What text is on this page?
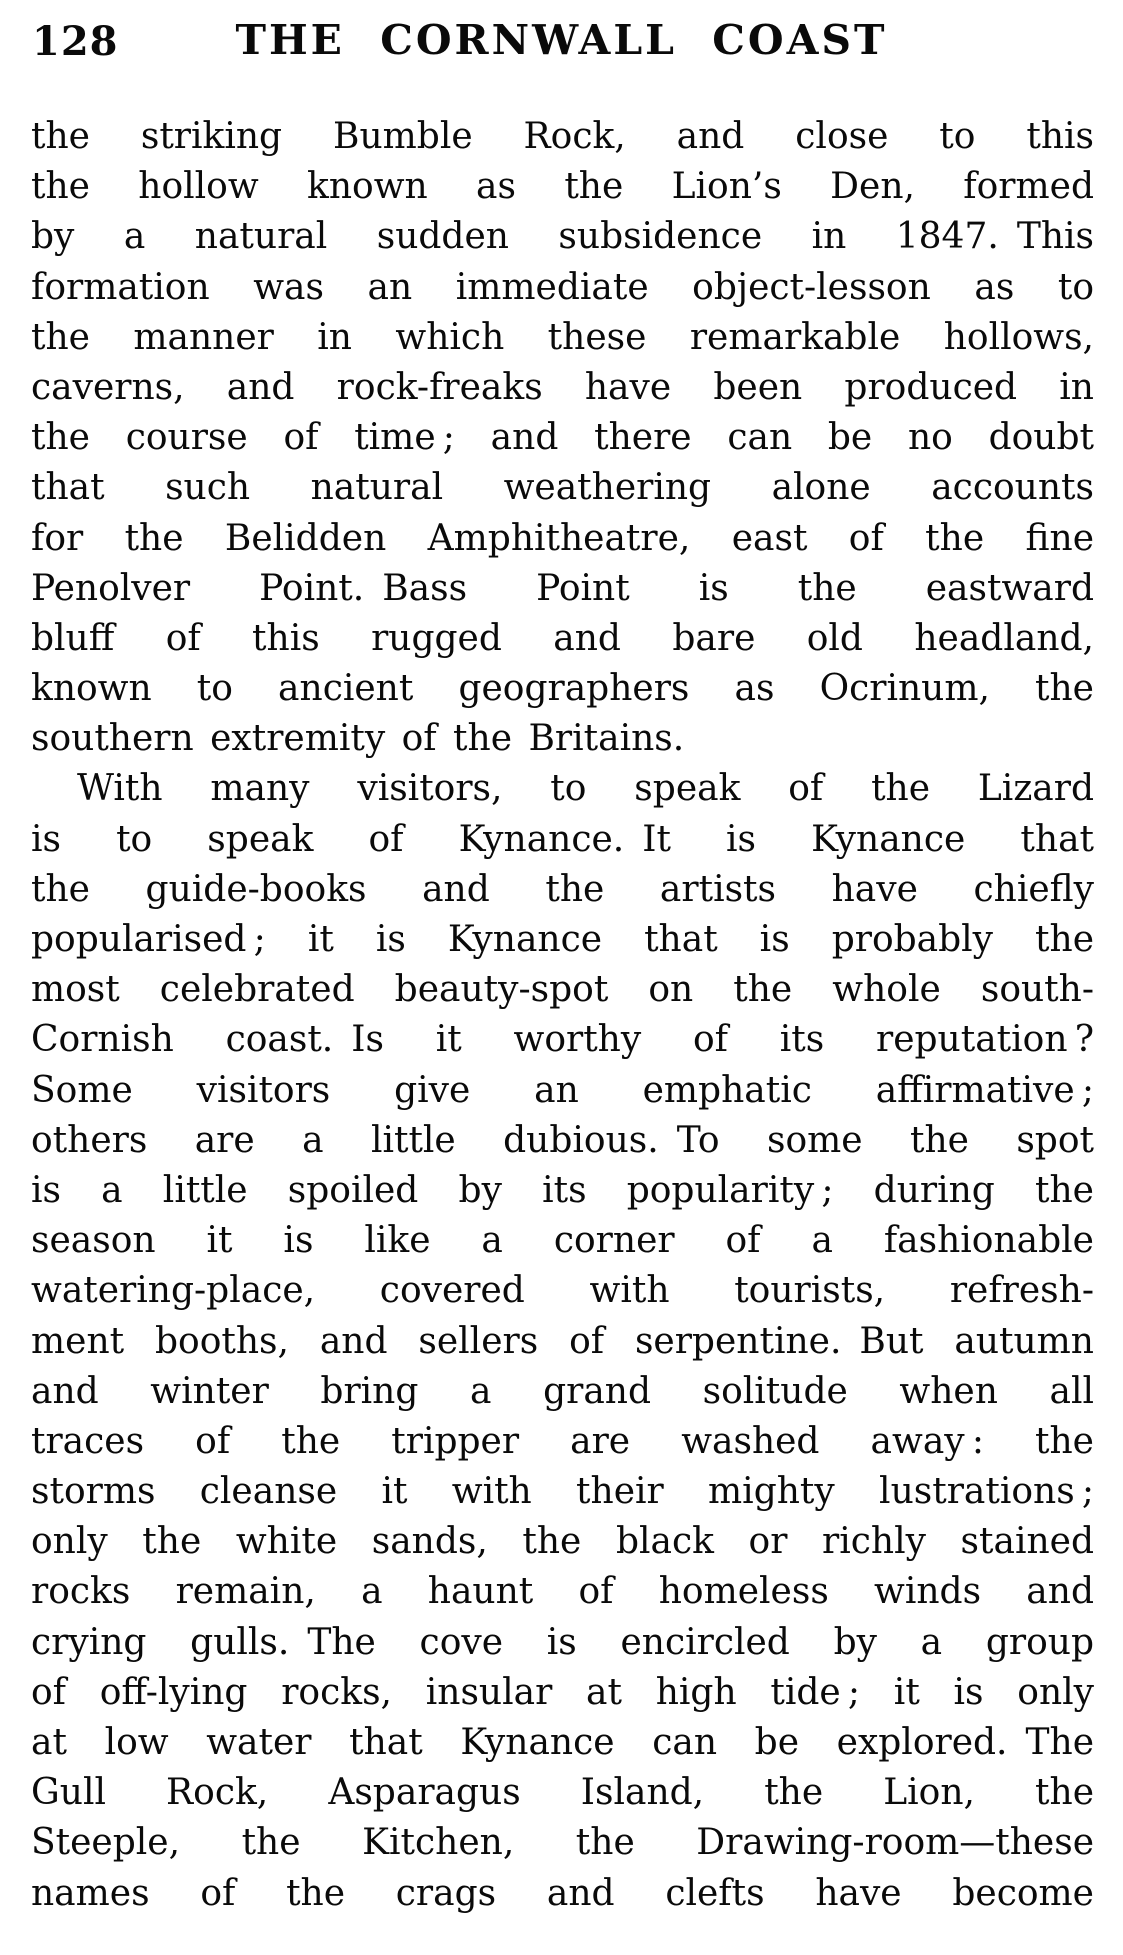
128	THE CORNWALL COAST
the striking Bumble Rock, and close to this
the hollow known as the Lion’s Den, formed
by a natural sudden subsidence in 1847. This
formation was an immediate object-lesson as to
the manner in which these remarkable hollows,
caverns, and rock-freaks have been produced in
the course of time ; and there can be no doubt
that such natural weathering alone accounts
for the Belidden Amphitheatre, east of the fine
Penolver Point. Bass Point is the eastward
bluff of this rugged and bare old headland,
known to ancient geographers as Ocrinum, the
southern extremity of the Britains.
With many visitors, to speak of the Lizard
is to speak of Kynance. It is Kynance that
the guide-books and the artists have chiefly
popularised ; it is Kynance that is probably the
most celebrated beauty-spot on the whole south-
Cornish coast. Is it worthy of its reputation ?
Some visitors give an emphatic affirmative ;
others are a little dubious. To some the spot
is a little spoiled by its popularity ; during the
season it is like a corner of a fashionable
watering-place, covered with tourists, refresh-
ment booths, and sellers of serpentine. But autumn
and winter bring a grand solitude when all
traces of the tripper are washed away : the
storms cleanse it with their mighty lustrations ;
only the white sands, the black or richly stained
rocks remain, a haunt of homeless winds and
crying gulls. The cove is encircled by a group
of off-lying rocks, insular at high tide ; it is only
at low water that Kynance can be explored. The
Gull Rock, Asparagus Island, the Lion, the
Steeple, the Kitchen, the Drawing-room—these
names of the crags and clefts have become
